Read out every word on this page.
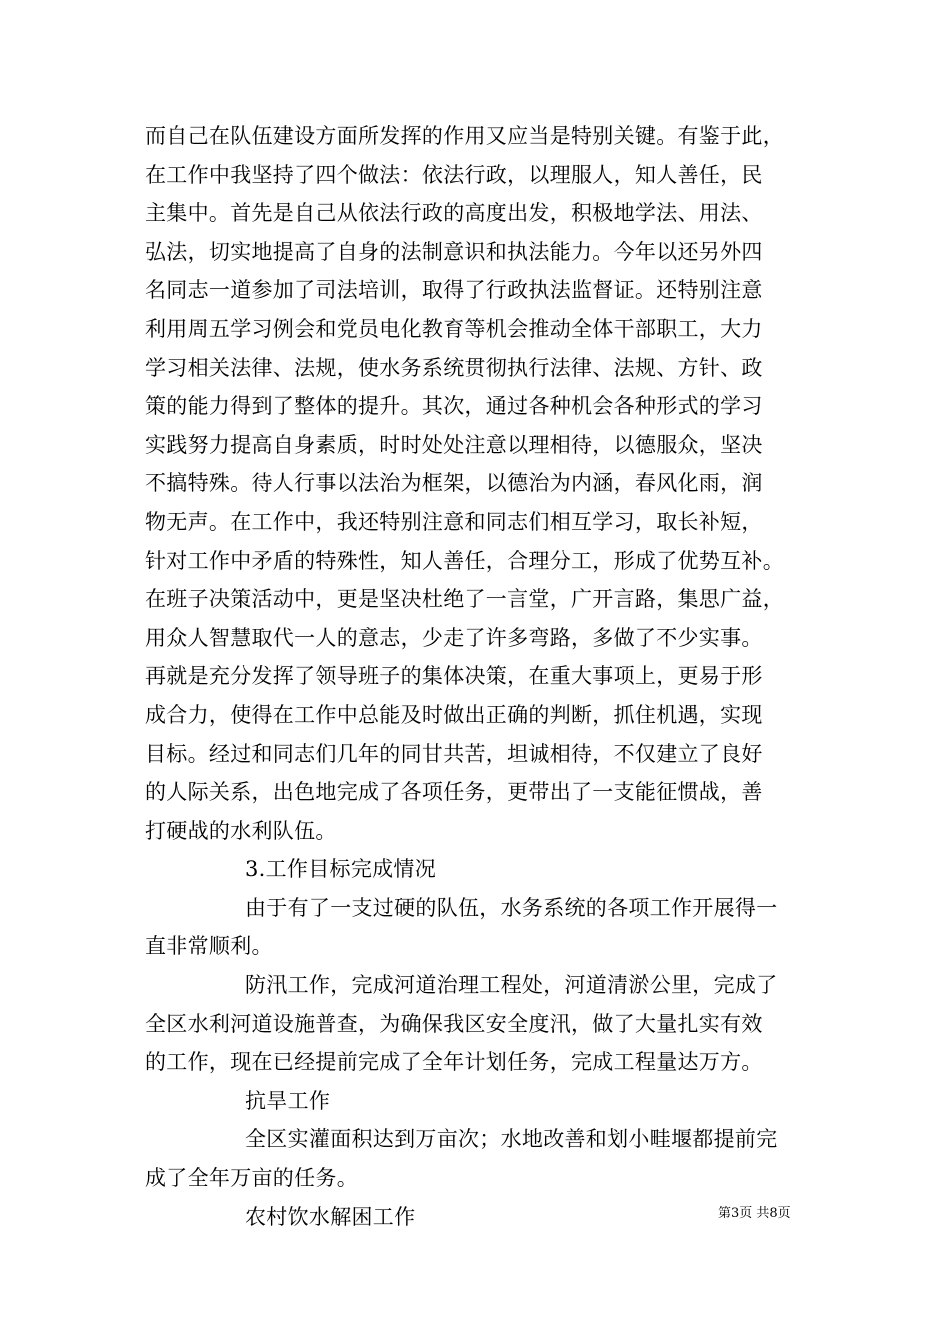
而自己在队伍建设方面所发挥的作用又应当是特别关键。有鉴于此，
在工作中我坚持了四个做法：依法行政，以理服人，知人善任，民
主集中。首先是自己从依法行政的高度出发，积极地学法、用法、
弘法，切实地提高了自身的法制意识和执法能力。今年以还另外四
名同志一道参加了司法培训，取得了行政执法监督证。还特别注意
利用周五学习例会和党员电化教育等机会推动全体干部职工，大力
学习相关法律、法规，使水务系统贯彻执行法律、法规、方针、政
策的能力得到了整体的提升。其次，通过各种机会各种形式的学习
实践努力提高自身素质，时时处处注意以理相待，以德服众，坚决
不搞特殊。待人行事以法治为框架，以德治为内涵，春风化雨，润
物无声。在工作中，我还特别注意和同志们相互学习，取长补短，
针对工作中矛盾的特殊性，知人善任，合理分工，形成了优势互补。
在班子决策活动中，更是坚决杜绝了一言堂，广开言路，集思广益，
用众人智慧取代一人的意志，少走了许多弯路，多做了不少实事。
再就是充分发挥了领导班子的集体决策，在重大事项上，更易于形
成合力，使得在工作中总能及时做出正确的判断，抓住机遇，实现
目标。经过和同志们几年的同甘共苦，坦诚相待，不仅建立了良好
的人际关系，出色地完成了各项任务，更带出了一支能征惯战，善
打硬战的水利队伍。
3.工作目标完成情况
由于有了一支过硬的队伍，水务系统的各项工作开展得一
直非常顺利。
防汛工作，完成河道治理工程处，河道清淤公里，完成了
全区水利河道设施普查，为确保我区安全度汛，做了大量扎实有效
的工作，现在已经提前完成了全年计划任务，完成工程量达万方。
抗旱工作
全区实灌面积达到万亩次；水地改善和划小畦堰都提前完
成了全年万亩的任务。
农村饮水解困工作	第3页 共8页
